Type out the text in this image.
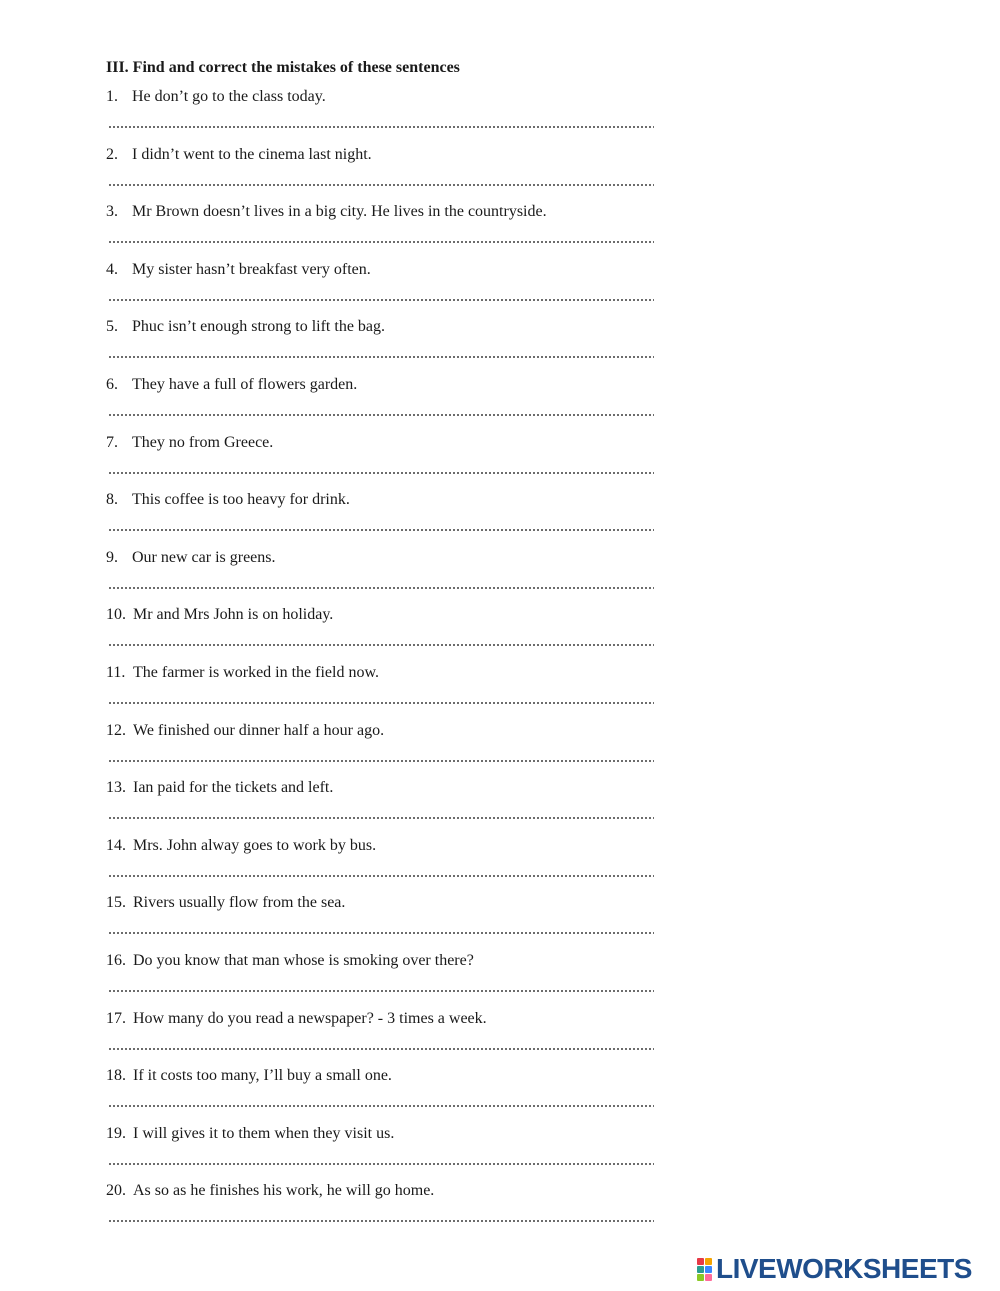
III. Find and correct the mistakes of these sentences
1. He don’t go to the class today.
2. I didn’t went to the cinema last night.
3. Mr Brown doesn’t lives in a big city. He lives in the countryside.
4. My sister hasn’t breakfast very often.
5. Phuc isn’t enough strong to lift the bag.
6. They have a full of flowers garden.
7. They no from Greece.
8. This coffee is too heavy for drink.
9. Our new car is greens.
10. Mr and Mrs John is on holiday.
11. The farmer is worked in the field now.
12. We finished our dinner half a hour ago.
13. Ian paid for the tickets and left.
14. Mrs. John alway goes to work by bus.
15. Rivers usually flow from the sea.
16. Do you know that man whose is smoking over there?
17. How many do you read a newspaper? - 3 times a week.
18. If it costs too many, I’ll buy a small one.
19. I will gives it to them when they visit us.
20. As so as he finishes his work, he will go home.
LIVEWORKSHEETS
